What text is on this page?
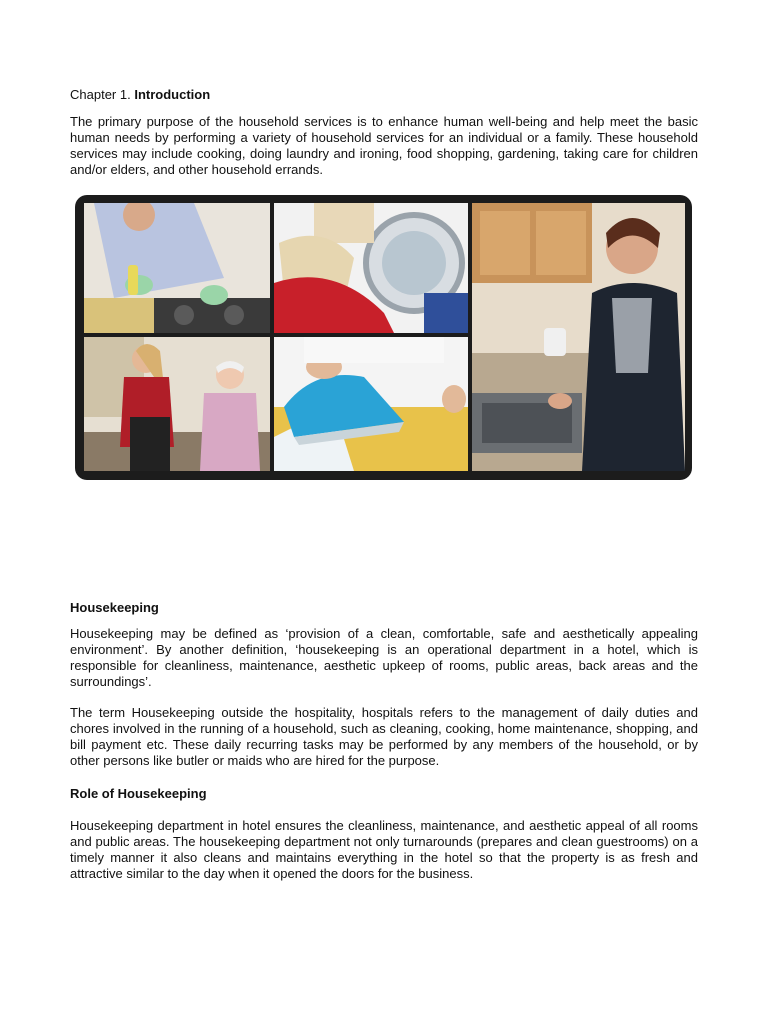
Chapter 1. Introduction
The primary purpose of the household services is to enhance human well-being and help meet the basic human needs by performing a variety of household services for an individual or a family. These household services may include cooking, doing laundry and ironing, food shopping, gardening, taking care for children and/or elders, and other household errands.
Housekeeping
Housekeeping may be defined as ‘provision of a clean, comfortable, safe and aesthetically appealing environment’. By another definition, ‘housekeeping is an operational department in a hotel, which is responsible for cleanliness, maintenance, aesthetic upkeep of rooms, public areas, back areas and the surroundings’.
The term Housekeeping outside the hospitality, hospitals refers to the management of daily duties and chores involved in the running of a household, such as cleaning, cooking, home maintenance, shopping, and bill payment etc. These daily recurring tasks may be performed by any members of the household, or by other persons like butler or maids who are hired for the purpose.
Role of Housekeeping
Housekeeping department in hotel ensures the cleanliness, maintenance, and aesthetic appeal of all rooms and public areas. The housekeeping department not only turnarounds (prepares and clean guestrooms) on a timely manner it also cleans and maintains everything in the hotel so that the property is as fresh and attractive similar to the day when it opened the doors for the business.
